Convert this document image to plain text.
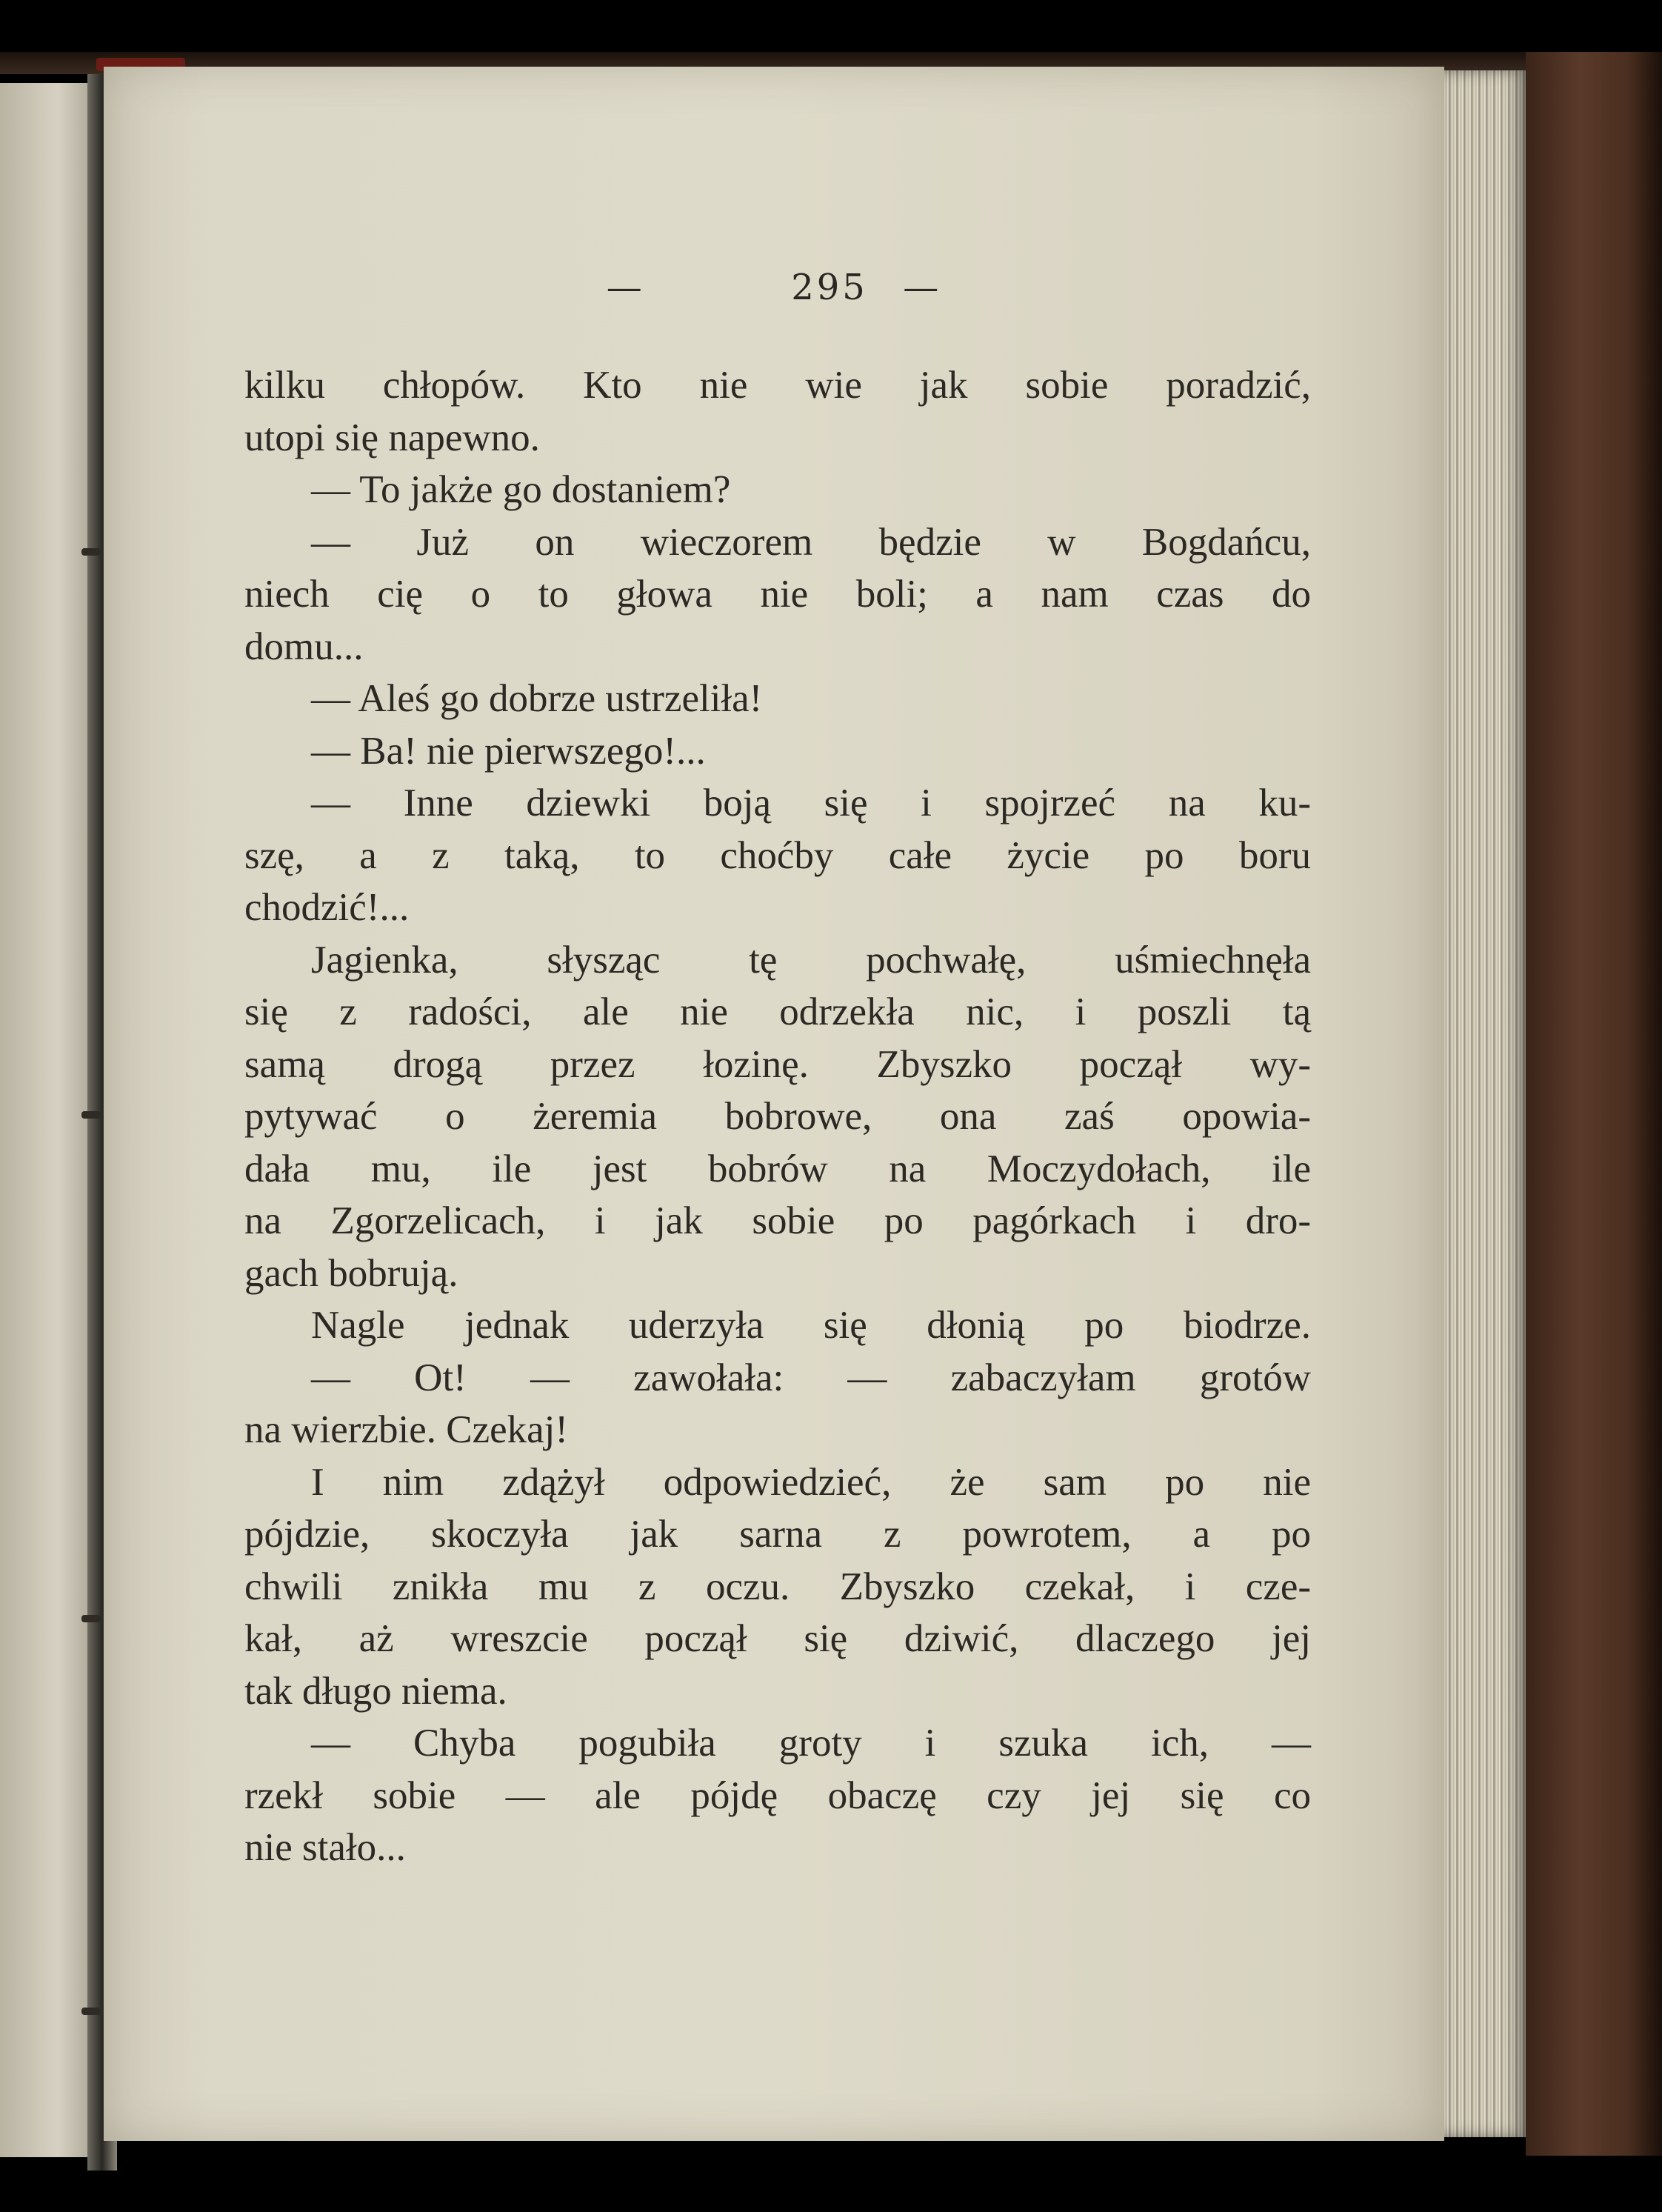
—	295 —
kilku chłopów. Kto nie wie jak sobie poradzić,
utopi się napewno.
— To jakże go dostaniem?
— Już on wieczorem będzie w Bogdańcu,
niech cię o to głowa nie boli; a nam czas do
domu...
— Aleś go dobrze ustrzeliła!
— Ba! nie pierwszego!...
— Inne dziewki boją się i spojrzeć na ku-
szę, a z taką, to choćby całe życie po boru
chodzić!...
Jagienka, słysząc tę pochwałę, uśmiechnęła
się z radości, ale nie odrzekła nic, i poszli tą
samą drogą przez łozinę. Zbyszko począł wy-
pytywać o żeremia bobrowe, ona zaś opowia-
dała mu, ile jest bobrów na Moczydołach, ile
na Zgorzelicach, i jak sobie po pagórkach i dro-
gach bobrują.
Nagle jednak uderzyła się dłonią po biodrze.
— Ot! — zawołała: — zabaczyłam grotów
na wierzbie. Czekaj!
I nim zdążył odpowiedzieć, że sam po nie
pójdzie, skoczyła jak sarna z powrotem, a po
chwili znikła mu z oczu. Zbyszko czekał, i cze-
kał, aż wreszcie począł się dziwić, dlaczego jej
tak długo niema.
— Chyba pogubiła groty i szuka ich, —
rzekł sobie — ale pójdę obaczę czy jej się co
nie stało...
